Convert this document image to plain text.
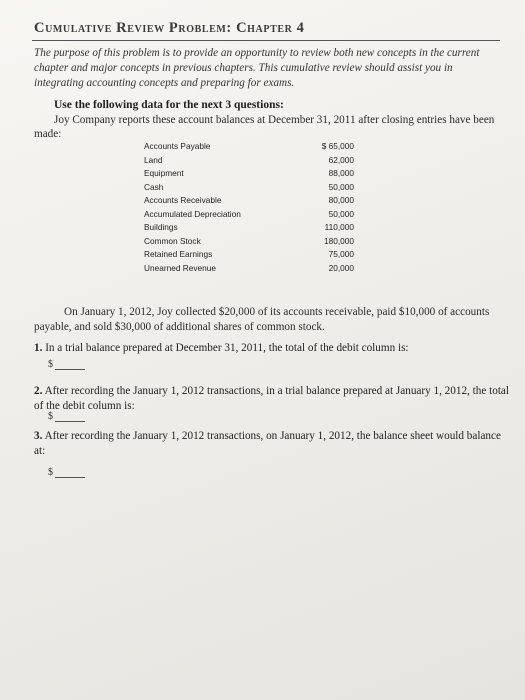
Cumulative Review Problem: Chapter 4
The purpose of this problem is to provide an opportunity to review both new concepts in the current chapter and major concepts in previous chapters. This cumulative review should assist you in integrating accounting concepts and preparing for exams.
Use the following data for the next 3 questions:
Joy Company reports these account balances at December 31, 2011 after closing entries have been made:
Accounts Payable	$ 65,000
Land	62,000
Equipment	88,000
Cash	50,000
Accounts Receivable	80,000
Accumulated Depreciation	50,000
Buildings	110,000
Common Stock	180,000
Retained Earnings	75,000
Unearned Revenue	20,000
On January 1, 2012, Joy collected $20,000 of its accounts receivable, paid $10,000 of accounts payable, and sold $30,000 of additional shares of common stock.
1. In a trial balance prepared at December 31, 2011, the total of the debit column is:
$
2. After recording the January 1, 2012 transactions, in a trial balance prepared at January 1, 2012, the total of the debit column is:
$
3. After recording the January 1, 2012 transactions, on January 1, 2012, the balance sheet would balance at:
$
